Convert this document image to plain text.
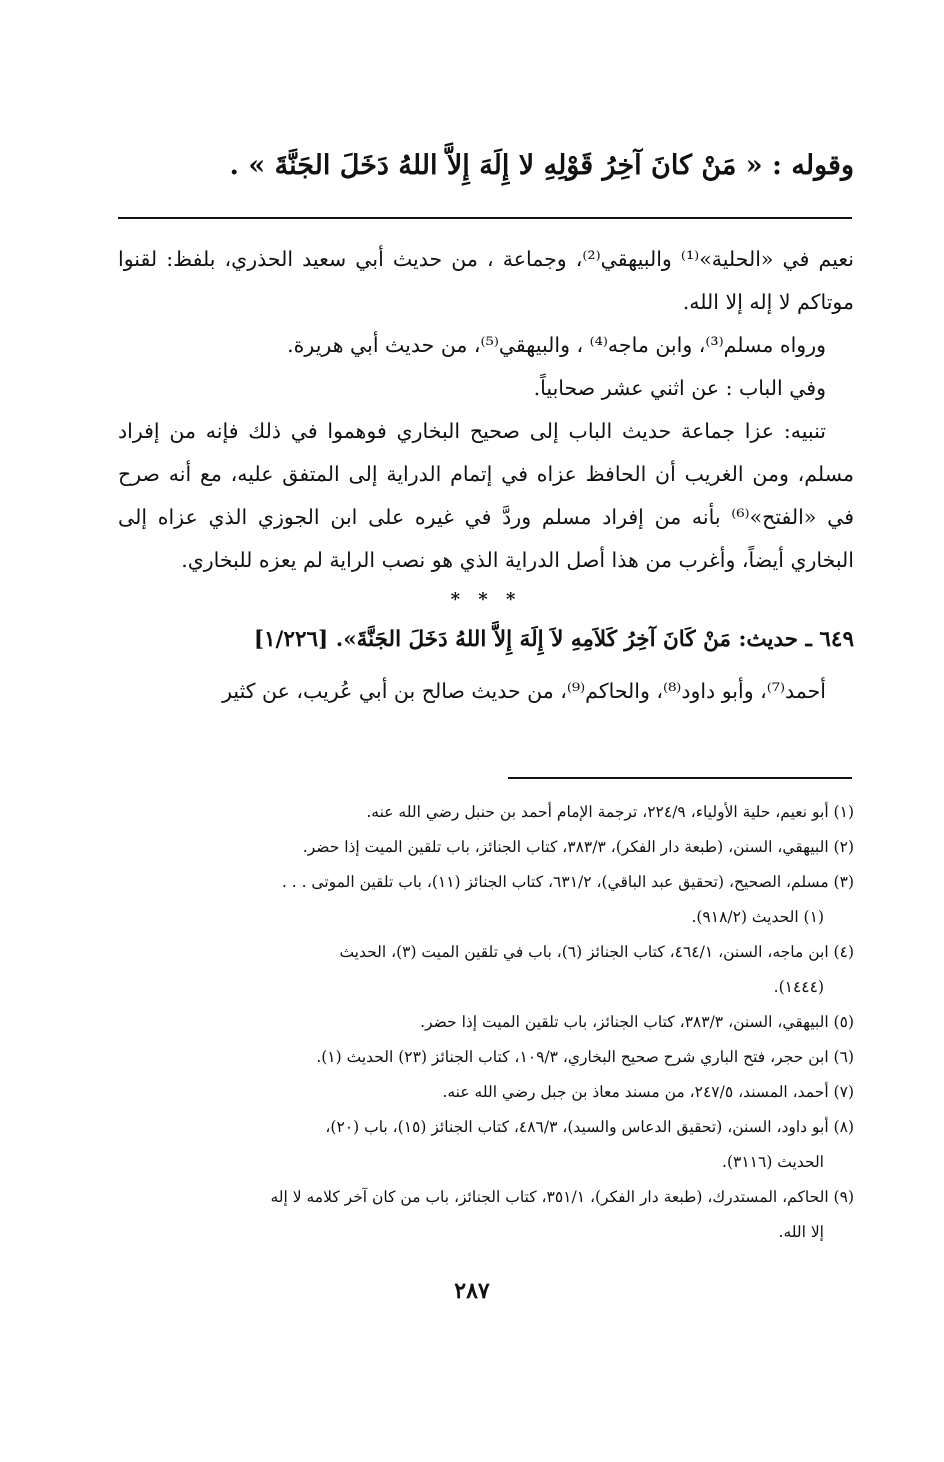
وقوله : « مَنْ كانَ آخِرُ قَوْلِهِ لا إِلَهَ إِلاَّ اللهُ دَخَلَ الجَنَّةَ » .

نعيم في «الحلية»⁽¹⁾ والبيهقي⁽²⁾، وجماعة ، من حديث أبي سعيد الحذري، بلفظ: لقنوا موتاكم لا إله إلا الله.

ورواه مسلم⁽³⁾، وابن ماجه⁽⁴⁾ ، والبيهقي⁽⁵⁾، من حديث أبي هريرة.

وفي الباب : عن اثني عشر صحابياً.

تنبيه: عزا جماعة حديث الباب إلى صحيح البخاري فوهموا في ذلك فإنه من إفراد مسلم، ومن الغريب أن الحافظ عزاه في إتمام الدراية إلى المتفق عليه، مع أنه صرح في «الفتح»⁽⁶⁾ بأنه من إفراد مسلم وردَّ في غيره على ابن الجوزي الذي عزاه إلى البخاري أيضاً، وأغرب من هذا أصل الدراية الذي هو نصب الراية لم يعزه للبخاري.

* * *

٦٤٩ ـ حديث: مَنْ كَانَ آخِرُ كَلاَمِهِ لاَ إِلَهَ إِلاَّ اللهُ دَخَلَ الجَنَّةَ». [١/٢٢٦]

أحمد⁽⁷⁾، وأبو داود⁽⁸⁾، والحاكم⁽⁹⁾، من حديث صالح بن أبي عُريب، عن كثير

(١) أبو نعيم، حلية الأولياء، ٢٢٤/٩، ترجمة الإمام أحمد بن حنبل رضي الله عنه.

(٢) البيهقي، السنن، (طبعة دار الفكر)، ٣٨٣/٣، كتاب الجنائز، باب تلقين الميت إذا حضر.

(٣) مسلم، الصحيح، (تحقيق عبد الباقي)، ٦٣١/٢، كتاب الجنائز (١١)، باب تلقين الموتى . . .

(١) الحديث (٩١٨/٢).

(٤) ابن ماجه، السنن، ٤٦٤/١، كتاب الجنائز (٦)، باب في تلقين الميت (٣)، الحديث

(١٤٤٤).

(٥) البيهقي، السنن، ٣٨٣/٣، كتاب الجنائز، باب تلقين الميت إذا حضر.

(٦) ابن حجر، فتح الباري شرح صحيح البخاري، ١٠٩/٣، كتاب الجنائز (٢٣) الحديث (١).

(٧) أحمد، المسند، ٢٤٧/٥، من مسند معاذ بن جبل رضي الله عنه.

(٨) أبو داود، السنن، (تحقيق الدعاس والسيد)، ٤٨٦/٣، كتاب الجنائز (١٥)، باب (٢٠)،

الحديث (٣١١٦).

(٩) الحاكم، المستدرك، (طبعة دار الفكر)، ٣٥١/١، كتاب الجنائز، باب من كان آخر كلامه لا إله

إلا الله.

٢٨٧
